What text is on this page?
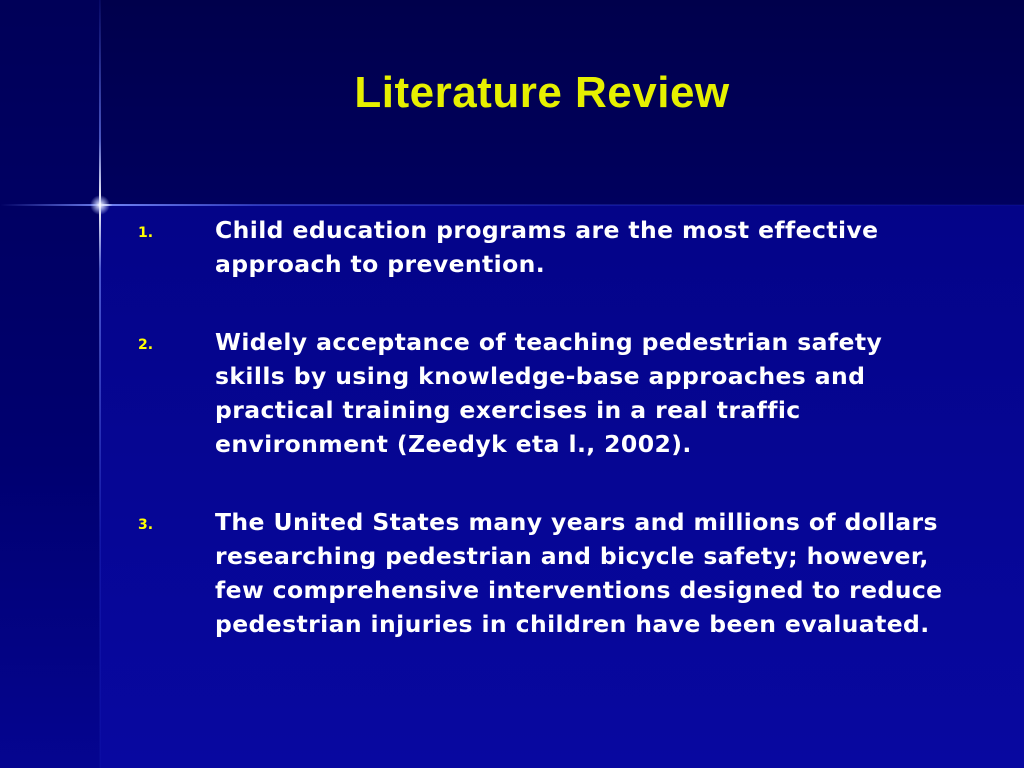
Literature Review
1.	Child education programs are the most effective approach to prevention.
2.	Widely acceptance of teaching pedestrian safety skills by using knowledge-base approaches and practical training exercises in a real traffic environment (Zeedyk eta l., 2002).
3.	The United States many years and millions of dollars researching pedestrian and bicycle safety; however, few comprehensive interventions designed to reduce pedestrian injuries in children have been evaluated.
